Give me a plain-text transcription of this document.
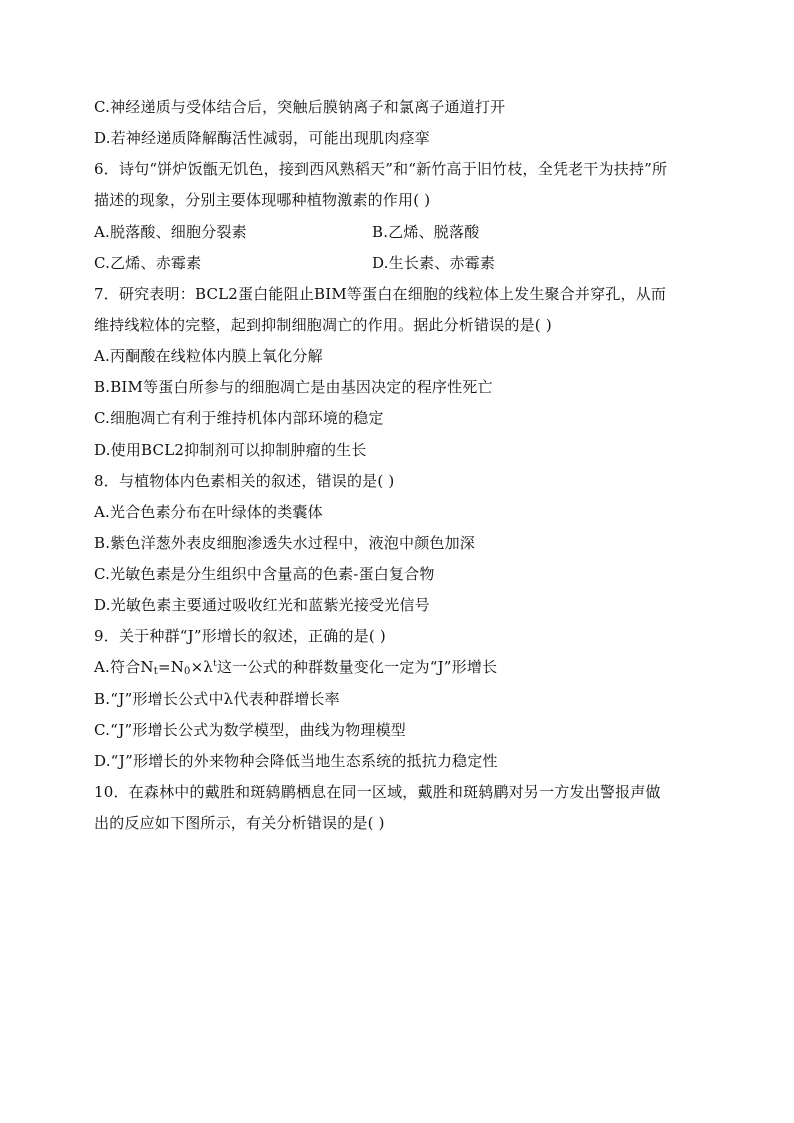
C.神经递质与受体结合后，突触后膜钠离子和氯离子通道打开
D.若神经递质降解酶活性减弱，可能出现肌肉痉挛
6．诗句“饼炉饭甑无饥色，接到西风熟稻天”和“新竹高于旧竹枝，全凭老干为扶持”所
描述的现象，分别主要体现哪种植物激素的作用( )
A.脱落酸、细胞分裂素	B.乙烯、脱落酸
C.乙烯、赤霉素	D.生长素、赤霉素
7．研究表明：BCL2蛋白能阻止BIM等蛋白在细胞的线粒体上发生聚合并穿孔，从而
维持线粒体的完整，起到抑制细胞凋亡的作用。据此分析错误的是( )
A.丙酮酸在线粒体内膜上氧化分解
B.BIM等蛋白所参与的细胞凋亡是由基因决定的程序性死亡
C.细胞凋亡有利于维持机体内部环境的稳定
D.使用BCL2抑制剂可以抑制肿瘤的生长
8．与植物体内色素相关的叙述，错误的是( )
A.光合色素分布在叶绿体的类囊体
B.紫色洋葱外表皮细胞渗透失水过程中，液泡中颜色加深
C.光敏色素是分生组织中含量高的色素-蛋白复合物
D.光敏色素主要通过吸收红光和蓝紫光接受光信号
9．关于种群“J”形增长的叙述，正确的是( )
A.符合$N_t=N_0\times\lambda^t$这一公式的种群数量变化一定为“J”形增长
B.“J”形增长公式中λ代表种群增长率
C.“J”形增长公式为数学模型，曲线为物理模型
D.“J”形增长的外来物种会降低当地生态系统的抵抗力稳定性
10．在森林中的戴胜和斑鸫鹛栖息在同一区域，戴胜和斑鸫鹛对另一方发出警报声做
出的反应如下图所示，有关分析错误的是( )
